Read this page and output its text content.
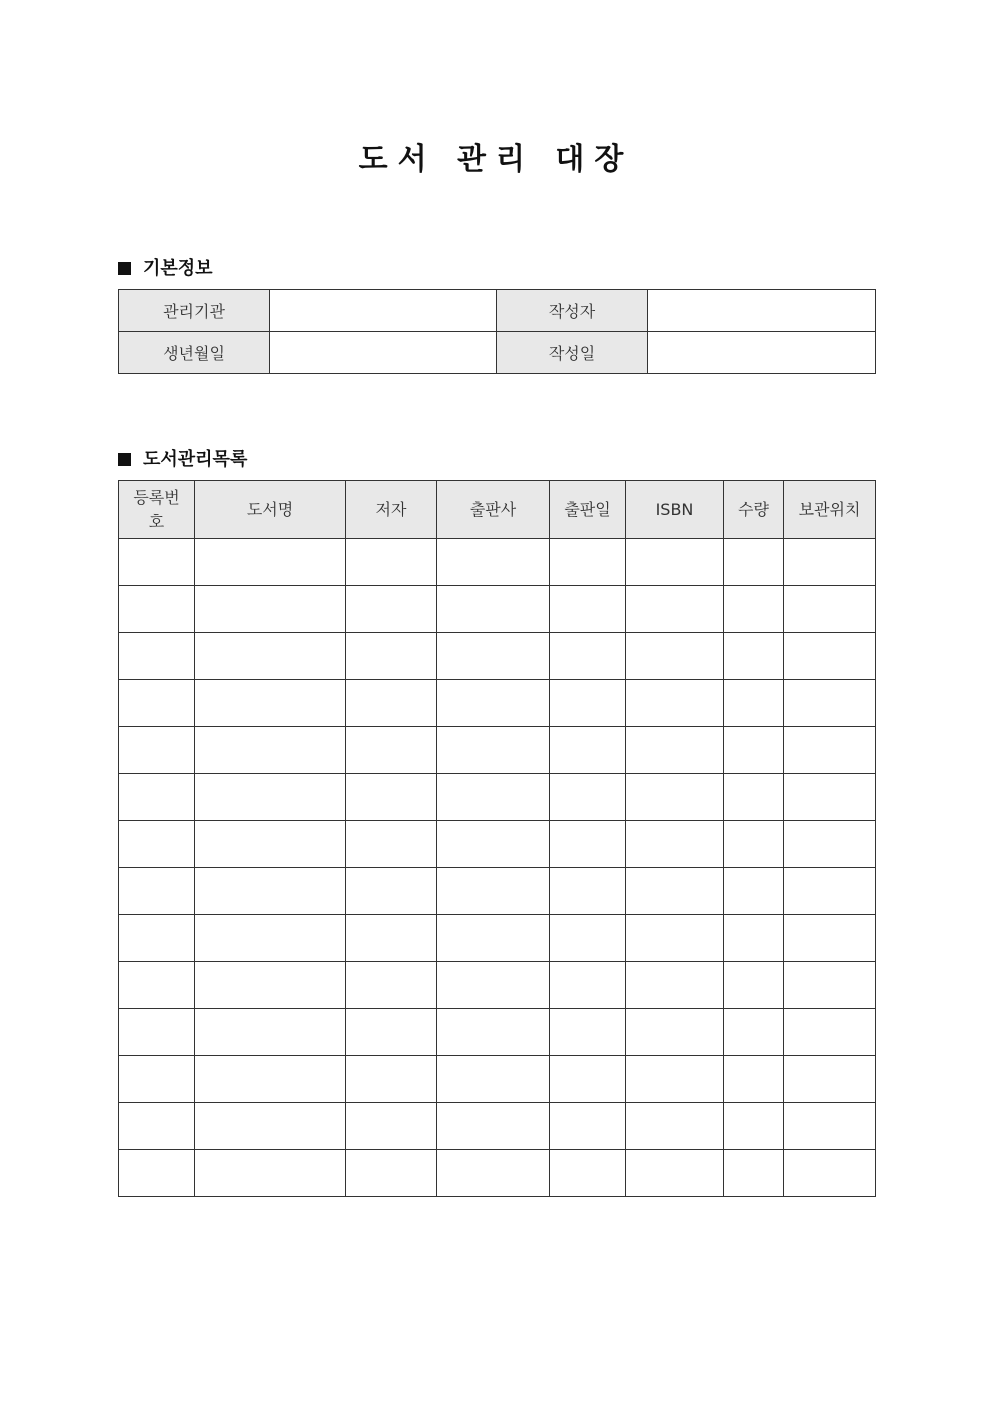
도서 관리 대장
기본정보
관리기관		작성자	
생년월일		작성일	
도서관리목록
등록번호	도서명	저자	출판사	출판일	ISBN	수량	보관위치
